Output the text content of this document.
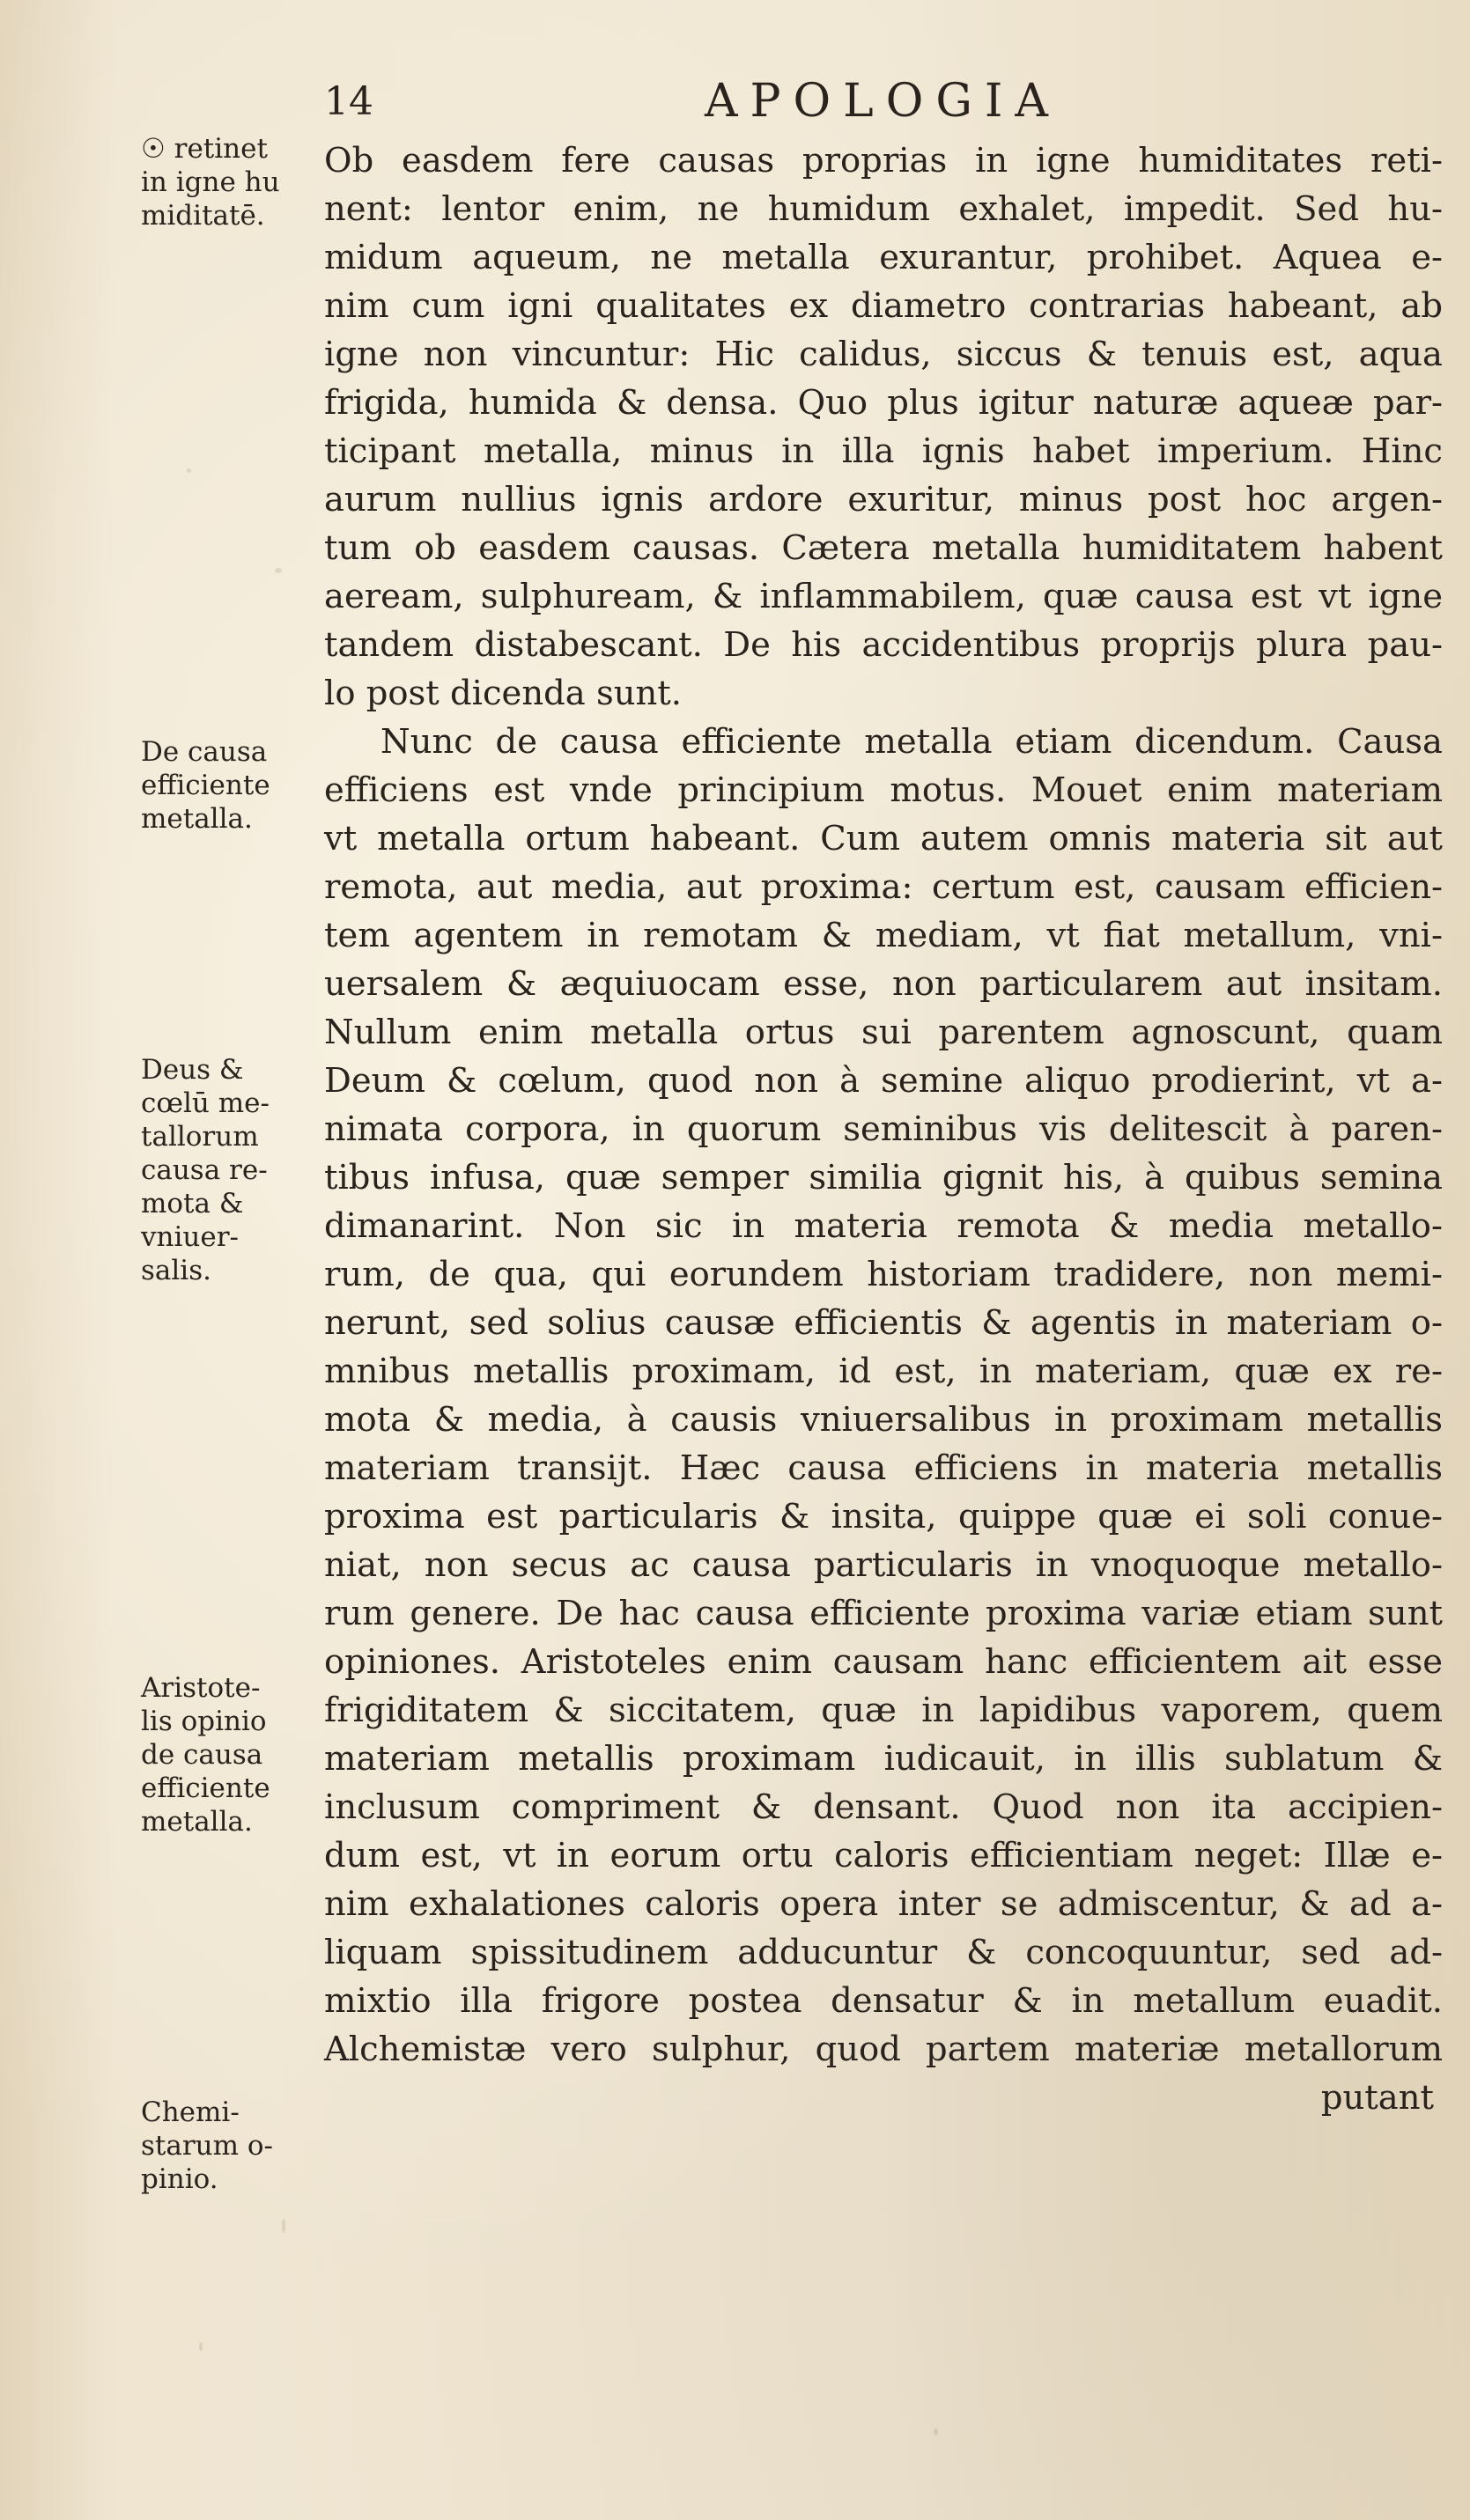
14	APOLOGIA
Ob easdem fere causas proprias in igne humiditates reti-
nent: lentor enim, ne humidum exhalet, impedit. Sed hu-
midum aqueum, ne metalla exurantur, prohibet. Aquea e-
nim cum igni qualitates ex diametro contrarias habeant, ab
igne non vincuntur: Hic calidus, siccus & tenuis est, aqua
frigida, humida & densa. Quo plus igitur naturæ aqueæ par-
ticipant metalla, minus in illa ignis habet imperium. Hinc
aurum nullius ignis ardore exuritur, minus post hoc argen-
tum ob easdem causas. Cætera metalla humiditatem habent
aeream, sulphuream, & inflammabilem, quæ causa est vt igne
tandem distabescant. De his accidentibus proprijs plura pau-
lo post dicenda sunt.
Nunc de causa efficiente metalla etiam dicendum. Causa
efficiens est vnde principium motus. Mouet enim materiam
vt metalla ortum habeant. Cum autem omnis materia sit aut
remota, aut media, aut proxima: certum est, causam efficien-
tem agentem in remotam & mediam, vt fiat metallum, vni-
uersalem & æquiuocam esse, non particularem aut insitam.
Nullum enim metalla ortus sui parentem agnoscunt, quam
Deum & cœlum, quod non à semine aliquo prodierint, vt a-
nimata corpora, in quorum seminibus vis delitescit à paren-
tibus infusa, quæ semper similia gignit his, à quibus semina
dimanarint. Non sic in materia remota & media metallo-
rum, de qua, qui eorundem historiam tradidere, non memi-
nerunt, sed solius causæ efficientis & agentis in materiam o-
mnibus metallis proximam, id est, in materiam, quæ ex re-
mota & media, à causis vniuersalibus in proximam metallis
materiam transijt. Hæc causa efficiens in materia metallis
proxima est particularis & insita, quippe quæ ei soli conue-
niat, non secus ac causa particularis in vnoquoque metallo-
rum genere. De hac causa efficiente proxima variæ etiam sunt
opiniones. Aristoteles enim causam hanc efficientem ait esse
frigiditatem & siccitatem, quæ in lapidibus vaporem, quem
materiam metallis proximam iudicauit, in illis sublatum &
inclusum compriment & densant. Quod non ita accipien-
dum est, vt in eorum ortu caloris efficientiam neget: Illæ e-
nim exhalationes caloris opera inter se admiscentur, & ad a-
liquam spissitudinem adducuntur & concoquuntur, sed ad-
mixtio illa frigore postea densatur & in metallum euadit.
Alchemistæ vero sulphur, quod partem materiæ metallorum
putant
☉ retinet
in igne hu
miditatē.
De causa
efficiente
metalla.
Deus &
cœlū me-
tallorum
causa re-
mota &
vniuer-
salis.
Aristote-
lis opinio
de causa
efficiente
metalla.
Chemi-
starum o-
pinio.
